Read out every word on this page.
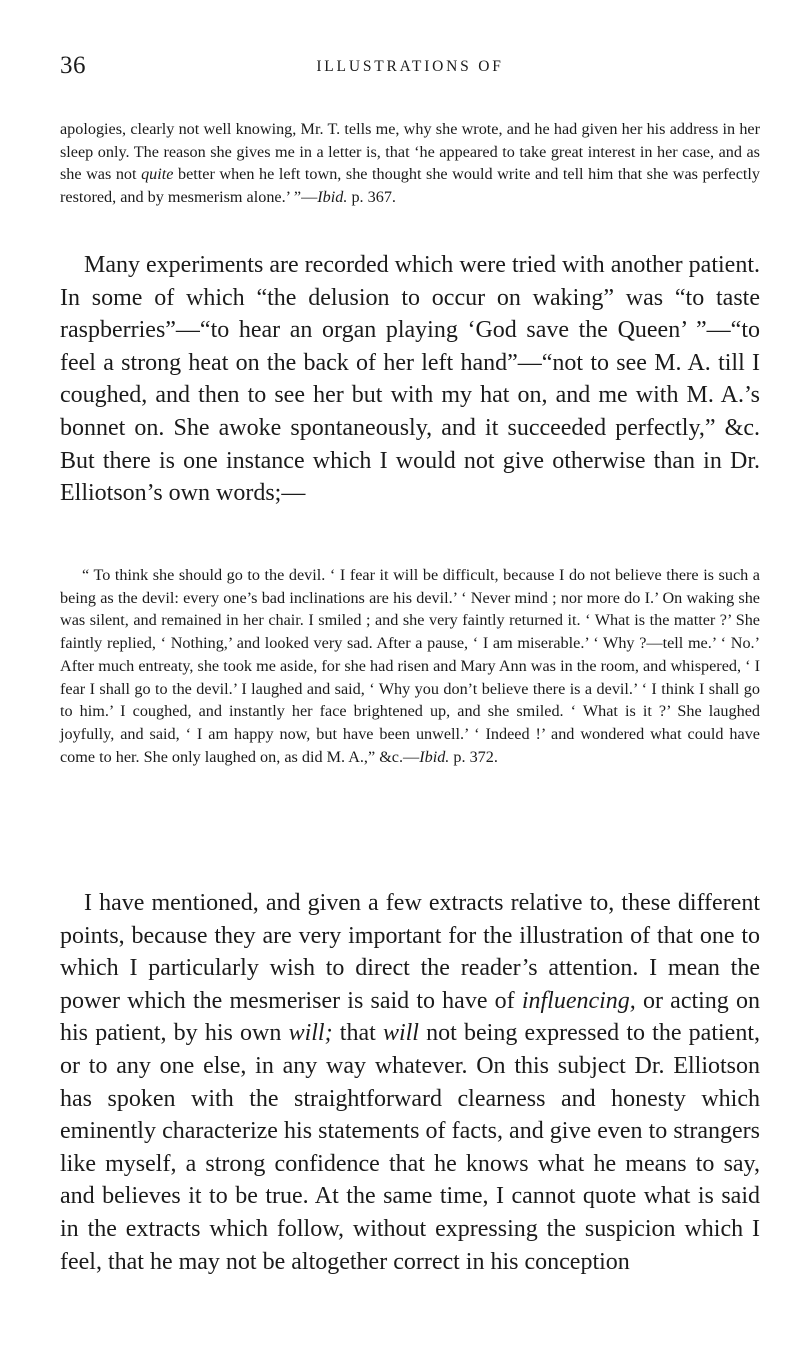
36	ILLUSTRATIONS OF

apologies, clearly not well knowing, Mr. T. tells me, why she wrote, and he had given her his address in her sleep only. The reason she gives me in a letter is, that ‘he appeared to take great interest in her case, and as she was not quite better when he left town, she thought she would write and tell him that she was perfectly restored, and by mesmerism alone.’ ”—Ibid. p. 367.

Many experiments are recorded which were tried with another patient. In some of which “the delusion to occur on waking” was “to taste raspberries”—“to hear an organ playing ‘God save the Queen’ ”—“to feel a strong heat on the back of her left hand”—“not to see M. A. till I coughed, and then to see her but with my hat on, and me with M. A.’s bonnet on. She awoke spontaneously, and it succeeded perfectly,” &c. But there is one instance which I would not give otherwise than in Dr. Elliotson’s own words;—

“ To think she should go to the devil. ‘ I fear it will be difficult, because I do not believe there is such a being as the devil: every one’s bad inclinations are his devil.’ ‘ Never mind ; nor more do I.’ On waking she was silent, and remained in her chair. I smiled ; and she very faintly returned it. ‘ What is the matter ?’ She faintly replied, ‘ Nothing,’ and looked very sad. After a pause, ‘ I am miserable.’ ‘ Why ?—tell me.’ ‘ No.’ After much entreaty, she took me aside, for she had risen and Mary Ann was in the room, and whispered, ‘ I fear I shall go to the devil.’ I laughed and said, ‘ Why you don’t believe there is a devil.’ ‘ I think I shall go to him.’ I coughed, and instantly her face brightened up, and she smiled. ‘ What is it ?’ She laughed joyfully, and said, ‘ I am happy now, but have been unwell.’ ‘ Indeed !’ and wondered what could have come to her. She only laughed on, as did M. A.,” &c.—Ibid. p. 372.

I have mentioned, and given a few extracts relative to, these different points, because they are very important for the illustration of that one to which I particularly wish to direct the reader’s attention. I mean the power which the mesmeriser is said to have of influencing, or acting on his patient, by his own will; that will not being expressed to the patient, or to any one else, in any way whatever. On this subject Dr. Elliotson has spoken with the straightforward clearness and honesty which eminently characterize his statements of facts, and give even to strangers like myself, a strong confidence that he knows what he means to say, and believes it to be true. At the same time, I cannot quote what is said in the extracts which follow, without expressing the suspicion which I feel, that he may not be altogether correct in his conception
